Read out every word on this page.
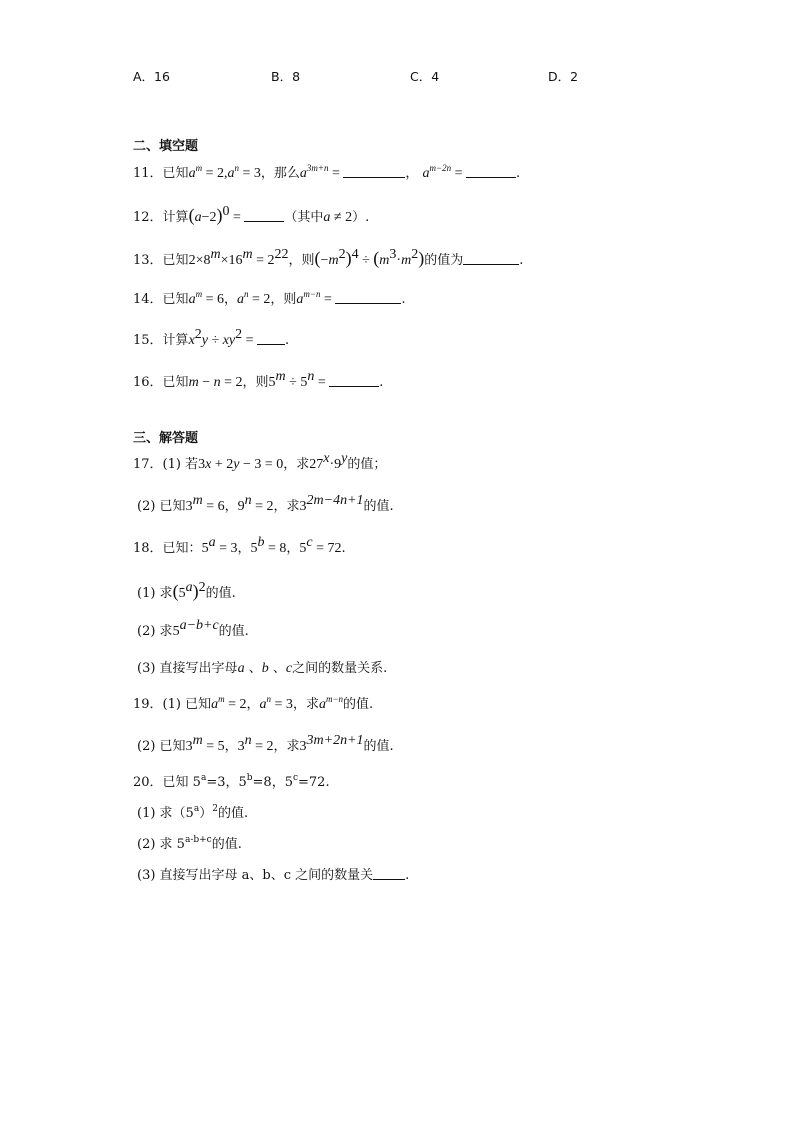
A．16	B．8	C．4	D．2
二、填空题
11．已知$a^m = 2,a^n = 3$，那么$a^{3m+n}$ =	， $a^{m-2n}$ =	.
12．计算$(a-2)^0$ =	（其中a ≠ 2）.
13．已知$2\times 8^m\times 16^m = 2^{22}$，则$(-m^2)^4 \div (m^3\cdot m^2)$的值为	.
14．已知$a^m = 6$，$a^n = 2$，则$a^{m-n}$ =	.
15．计算$x^2y \div xy^2$ = .
16．已知m − n = 2，则$5^m \div 5^n$ =	.
三、解答题
17．(1) 若3x + 2y − 3 = 0，求$27^x\cdot 9^y$的值；
(2) 已知$3^m = 6$，$9^n = 2$，求$3^{2m-4n+1}$的值.
18．已知：$5^a = 3$，$5^b = 8$，$5^c = 72$.
(1) 求$(5^a)^2$的值.
(2) 求$5^{a-b+c}$的值.
(3) 直接写出字母a 、b 、c之间的数量关系.
19．(1) 已知$a^m = 2$，$a^n = 3$，求$a^{m-n}$的值.
(2) 已知$3^m = 5$，$3^n = 2$，求$3^{3m+2n+1}$的值.
20．已知 $5^a=3$，$5^b=8$，$5^c=72$.
(1) 求$(5^a)^2$的值.
(2) 求 $5^{a-b+c}$的值.
(3) 直接写出字母 a、b、c 之间的数量关 .
